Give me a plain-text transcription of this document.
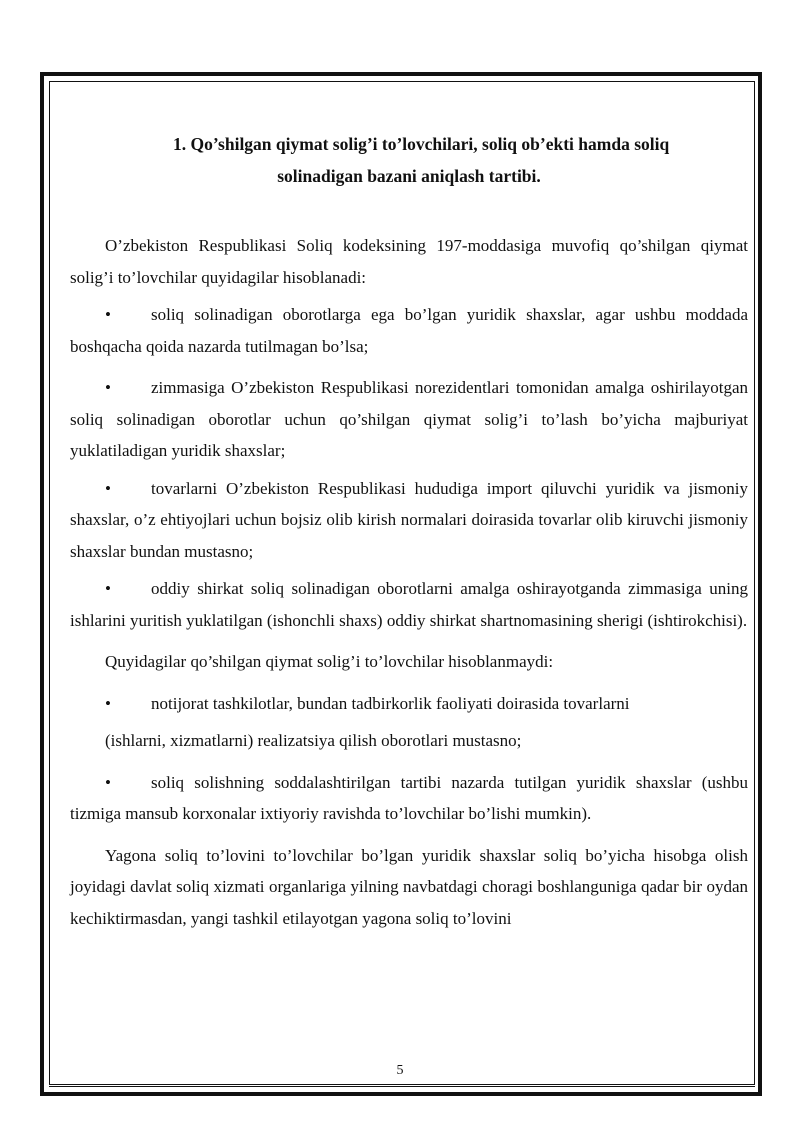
1. Qo’shilgan qiymat solig’i to’lovchilari, soliq ob’ekti hamda soliq
solinadigan bazani aniqlash tartibi.

O’zbekiston Respublikasi Soliq kodeksining 197-moddasiga muvofiq qo’shilgan qiymat solig’i to’lovchilar quyidagilar hisoblanadi:

• soliq solinadigan oborotlarga ega bo’lgan yuridik shaxslar, agar ushbu moddada boshqacha qoida nazarda tutilmagan bo’lsa;

• zimmasiga O’zbekiston Respublikasi norezidentlari tomonidan amalga oshirilayotgan soliq solinadigan oborotlar uchun qo’shilgan qiymat solig’i to’lash bo’yicha majburiyat yuklatiladigan yuridik shaxslar;

• tovarlarni O’zbekiston Respublikasi hududiga import qiluvchi yuridik va jismoniy shaxslar, o’z ehtiyojlari uchun bojsiz olib kirish normalari doirasida tovarlar olib kiruvchi jismoniy shaxslar bundan mustasno;

• oddiy shirkat soliq solinadigan oborotlarni amalga oshirayotganda zimmasiga uning ishlarini yuritish yuklatilgan (ishonchli shaxs) oddiy shirkat shartnomasining sherigi (ishtirokchisi).

Quyidagilar qo’shilgan qiymat solig’i to’lovchilar hisoblanmaydi:

• notijorat tashkilotlar, bundan tadbirkorlik faoliyati doirasida tovarlarni

(ishlarni, xizmatlarni) realizatsiya qilish oborotlari mustasno;

• soliq solishning soddalashtirilgan tartibi nazarda tutilgan yuridik shaxslar (ushbu tizmiga mansub korxonalar ixtiyoriy ravishda to’lovchilar bo’lishi mumkin).

Yagona soliq to’lovini to’lovchilar bo’lgan yuridik shaxslar soliq bo’yicha hisobga olish joyidagi davlat soliq xizmati organlariga yilning navbatdagi choragi boshlanguniga qadar bir oydan kechiktirmasdan, yangi tashkil etilayotgan yagona soliq to’lovini

5
